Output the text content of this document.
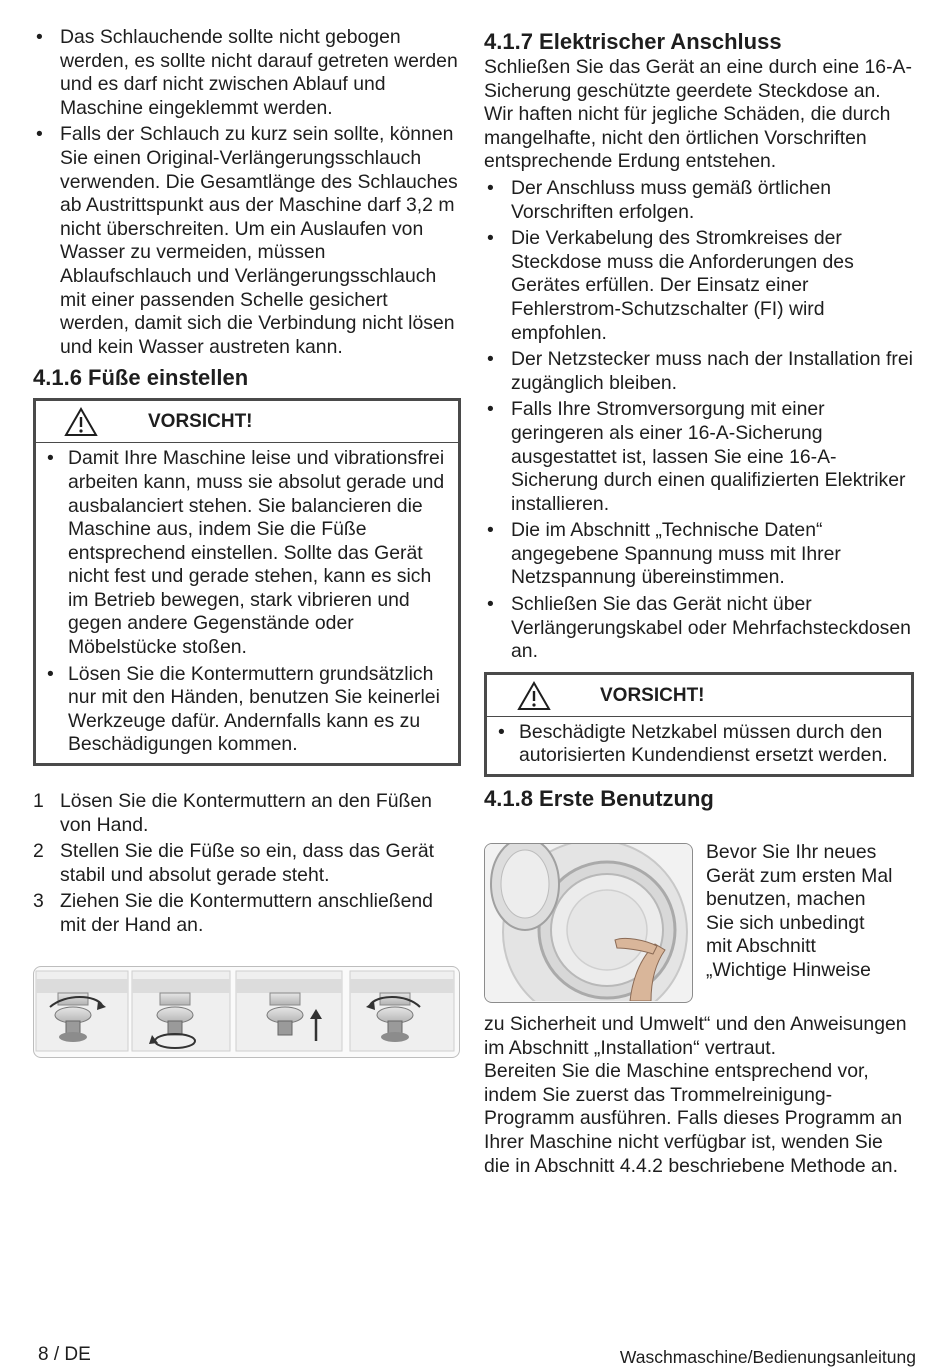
• Das Schlauchende sollte nicht gebogen werden, es sollte nicht darauf getreten werden und es darf nicht zwischen Ablauf und Maschine eingeklemmt werden.
• Falls der Schlauch zu kurz sein sollte, können Sie einen Original-Verlängerungsschlauch verwenden. Die Gesamtlänge des Schlauches ab Austrittspunkt aus der Maschine darf 3,2 m nicht überschreiten. Um ein Auslaufen von Wasser zu vermeiden, müssen Ablaufschlauch und Verlängerungsschlauch mit einer passenden Schelle gesichert werden, damit sich die Verbindung nicht lösen und kein Wasser austreten kann.
4.1.6 Füße einstellen
VORSICHT!
• Damit Ihre Maschine leise und vibrationsfrei arbeiten kann, muss sie absolut gerade und ausbalanciert stehen. Sie balancieren die Maschine aus, indem Sie die Füße entsprechend einstellen. Sollte das Gerät nicht fest und gerade stehen, kann es sich im Betrieb bewegen, stark vibrieren und gegen andere Gegenstände oder Möbelstücke stoßen.
• Lösen Sie die Kontermuttern grundsätzlich nur mit den Händen, benutzen Sie keinerlei Werkzeuge dafür. Andernfalls kann es zu Beschädigungen kommen.
1 Lösen Sie die Kontermuttern an den Füßen von Hand.
2 Stellen Sie die Füße so ein, dass das Gerät stabil und absolut gerade steht.
3 Ziehen Sie die Kontermuttern anschließend mit der Hand an.
4.1.7 Elektrischer Anschluss

Schließen Sie das Gerät an eine durch eine 16-A-Sicherung geschützte geerdete Steckdose an. Wir haften nicht für jegliche Schäden, die durch mangelhafte, nicht den örtlichen Vorschriften entsprechende Erdung entstehen.

• Der Anschluss muss gemäß örtlichen Vorschriften erfolgen.
• Die Verkabelung des Stromkreises der Steckdose muss die Anforderungen des Gerätes erfüllen. Der Einsatz einer Fehlerstrom-Schutzschalter (FI) wird empfohlen.
• Der Netzstecker muss nach der Installation frei zugänglich bleiben.
• Falls Ihre Stromversorgung mit einer geringeren als einer 16-A-Sicherung ausgestattet ist, lassen Sie eine 16-A-Sicherung durch einen qualifizierten Elektriker installieren.
• Die im Abschnitt „Technische Daten“ angegebene Spannung muss mit Ihrer Netzspannung übereinstimmen.
• Schließen Sie das Gerät nicht über Verlängerungskabel oder Mehrfachsteckdosen an.
VORSICHT!
• Beschädigte Netzkabel müssen durch den autorisierten Kundendienst ersetzt werden.
4.1.8 Erste Benutzung
Bevor Sie Ihr neues
Gerät zum ersten Mal
benutzen, machen
Sie sich unbedingt
mit Abschnitt
„Wichtige Hinweise

zu Sicherheit und Umwelt“ und den Anweisungen im Abschnitt „Installation“ vertraut.

Bereiten Sie die Maschine entsprechend vor, indem Sie zuerst das Trommelreinigung-Programm ausführen. Falls dieses Programm an Ihrer Maschine nicht verfügbar ist, wenden Sie die in Abschnitt 4.4.2 beschriebene Methode an.

8 / DE	Waschmaschine/Bedienungsanleitung
